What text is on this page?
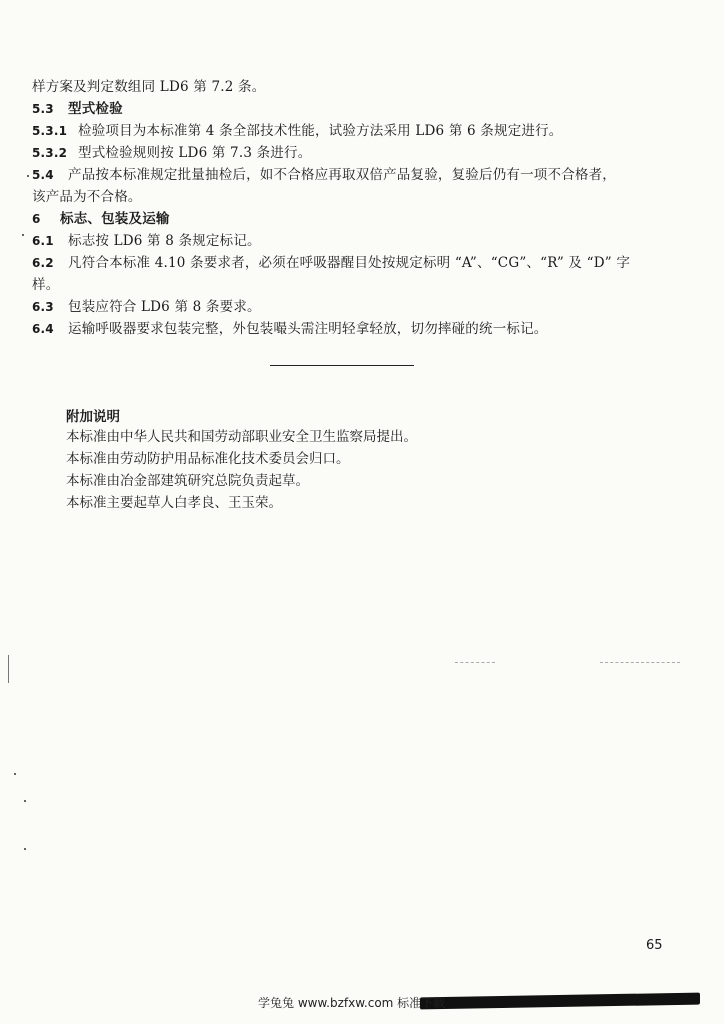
样方案及判定数组同 LD6 第 7.2 条。
5.3 型式检验
5.3.1 检验项目为本标准第 4 条全部技术性能，试验方法采用 LD6 第 6 条规定进行。
5.3.2 型式检验规则按 LD6 第 7.3 条进行。
5.4 产品按本标准规定批量抽检后，如不合格应再取双倍产品复验，复验后仍有一项不合格者，
该产品为不合格。
6 标志、包装及运输
6.1 标志按 LD6 第 8 条规定标记。
6.2 凡符合本标准 4.10 条要求者，必须在呼吸器醒目处按规定标明 “A”、“CG”、“R” 及 “D” 字
样。
6.3 包装应符合 LD6 第 8 条要求。
6.4 运输呼吸器要求包装完整，外包装嘬头需注明轻拿轻放，切勿摔碰的统一标记。
附加说明
本标准由中华人民共和国劳动部职业安全卫生监察局提出。
本标准由劳动防护用品标准化技术委员会归口。
本标准由冶金部建筑研究总院负责起草。
本标准主要起草人白孝良、王玉荣。
65
学兔兔 www.bzfxw.com 标准下载
